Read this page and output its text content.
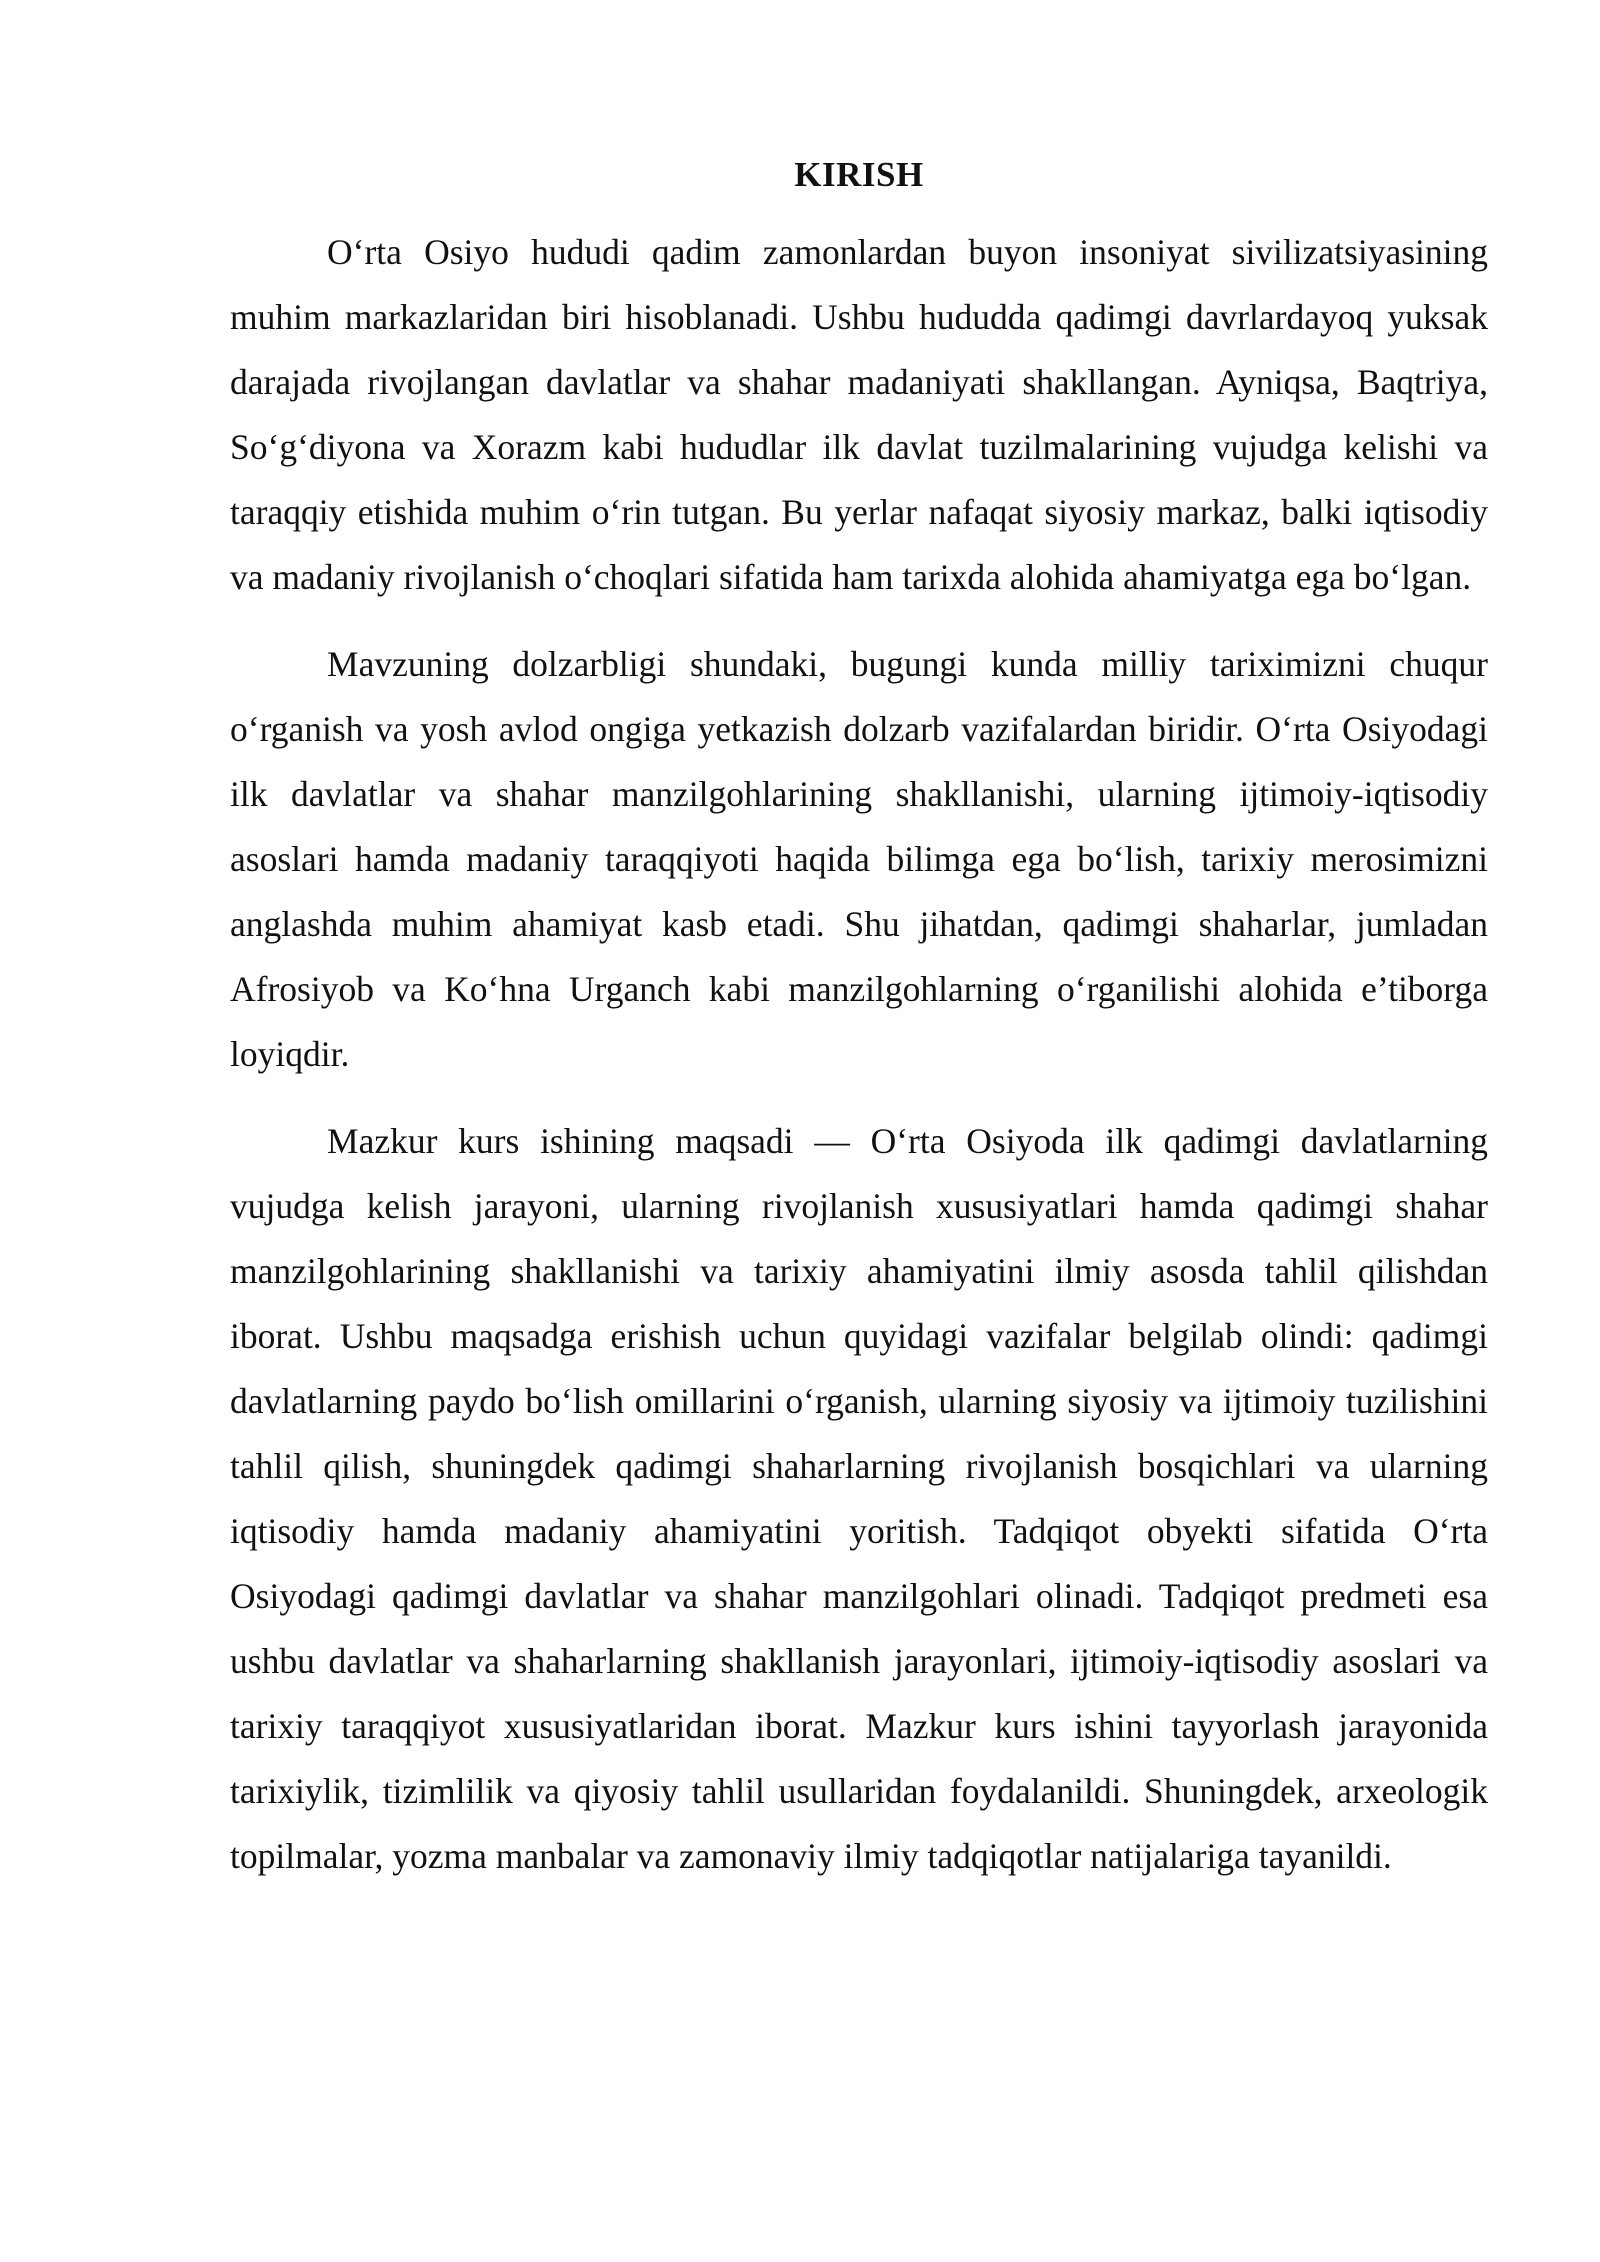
KIRISH

O‘rta Osiyo hududi qadim zamonlardan buyon insoniyat sivilizatsiyasining muhim markazlaridan biri hisoblanadi. Ushbu hududda qadimgi davrlardayoq yuksak darajada rivojlangan davlatlar va shahar madaniyati shakllangan. Ayniqsa, Baqtriya, So‘g‘diyona va Xorazm kabi hududlar ilk davlat tuzilmalarining vujudga kelishi va taraqqiy etishida muhim o‘rin tutgan. Bu yerlar nafaqat siyosiy markaz, balki iqtisodiy va madaniy rivojlanish o‘choqlari sifatida ham tarixda alohida ahamiyatga ega bo‘lgan.

Mavzuning dolzarbligi shundaki, bugungi kunda milliy tariximizni chuqur o‘rganish va yosh avlod ongiga yetkazish dolzarb vazifalardan biridir. O‘rta Osiyodagi ilk davlatlar va shahar manzilgohlarining shakllanishi, ularning ijtimoiy-iqtisodiy asoslari hamda madaniy taraqqiyoti haqida bilimga ega bo‘lish, tarixiy merosimizni anglashda muhim ahamiyat kasb etadi. Shu jihatdan, qadimgi shaharlar, jumladan Afrosiyob va Ko‘hna Urganch kabi manzilgohlarning o‘rganilishi alohida e’tiborga loyiqdir.

Mazkur kurs ishining maqsadi — O‘rta Osiyoda ilk qadimgi davlatlarning vujudga kelish jarayoni, ularning rivojlanish xususiyatlari hamda qadimgi shahar manzilgohlarining shakllanishi va tarixiy ahamiyatini ilmiy asosda tahlil qilishdan iborat. Ushbu maqsadga erishish uchun quyidagi vazifalar belgilab olindi: qadimgi davlatlarning paydo bo‘lish omillarini o‘rganish, ularning siyosiy va ijtimoiy tuzilishini tahlil qilish, shuningdek qadimgi shaharlarning rivojlanish bosqichlari va ularning iqtisodiy hamda madaniy ahamiyatini yoritish. Tadqiqot obyekti sifatida O‘rta Osiyodagi qadimgi davlatlar va shahar manzilgohlari olinadi. Tadqiqot predmeti esa ushbu davlatlar va shaharlarning shakllanish jarayonlari, ijtimoiy-iqtisodiy asoslari va tarixiy taraqqiyot xususiyatlaridan iborat. Mazkur kurs ishini tayyorlash jarayonida tarixiylik, tizimlilik va qiyosiy tahlil usullaridan foydalanildi. Shuningdek, arxeologik topilmalar, yozma manbalar va zamonaviy ilmiy tadqiqotlar natijalariga tayanildi.
